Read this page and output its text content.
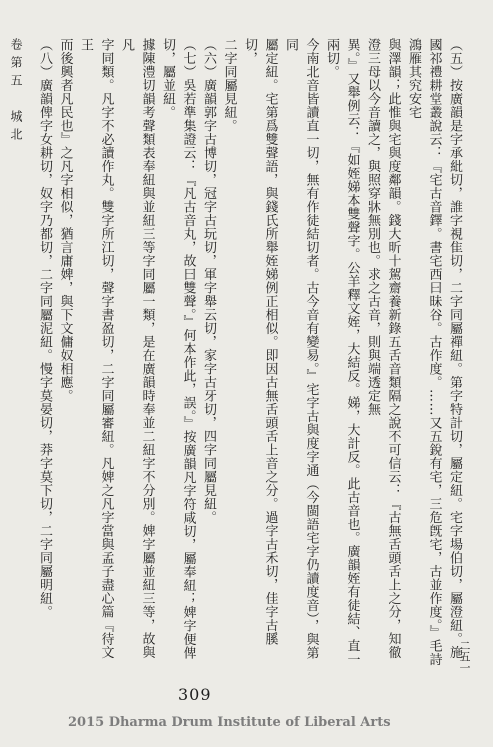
（五）按廣韻是字承紕切，誰字視隹切，二字同屬禪紐。第字特計切，屬定紐。宅字場伯切，屬澄紐。施國祁禮耕堂叢說云：『宅古音鐸。書宅西曰昧谷。古作度。……又五銳有宅，三危旣宅，古並作度。』毛詩鴻雁其究安宅

與澤韻；此惟與宅與度鄰韻。錢大昕十駕齋養新錄五舌音類隔之說不可信云：『古無舌頭舌上之分，知徹澄三母以今音讀之，與照穿牀無別也。求之古音，則與端透定無

異。』又舉例云：『如姪娣本雙聲字。公羊釋文姪，大結反。娣，大計反。此古音也。廣韻姪有徒結、直一兩切。

今南北音皆讀直一切，無有作徒結切者。古今音有變易。』宅字古與度字通（今閩語宅字仍讀度音），與第同

屬定紐。宅第爲雙聲語，與錢氏所舉姪娣例正相似。即因古無舌頭舌上音之分。過字古禾切，佳字古膎切，

二字同屬見紐。

（六）廣韻郭字古博切，冠字古玩切，軍字舉云切，家字古牙切，四字同屬見紐。

（七）吳若準集證云：『凡古音丸，故曰雙聲。』何本作此，誤。』按廣韻凡字符咸切，屬奉紐；婢字便俾切，屬並紐。

據陳澧切韻考聲類表奉紐與並紐三等字同屬一類，是在廣韻時奉並二紐字不分別。婢字屬並紐三等，故與凡

字同類。凡字不必讀作丸。雙字所江切，聲字書盈切，二字同屬審紐。凡婢之凡字當與孟子盡心篇『待文王

而後興者凡民也』之凡字相似，猶言庸婢，與下文傭奴相應。

（八）廣韻俾字女耕切，奴字乃都切，二字同屬泥紐。慢字莫晏切，莽字莫下切，二字同屬明紐。

卷第五　城北
二五一
309
2015 Dharma Drum Institute of Liberal Arts
